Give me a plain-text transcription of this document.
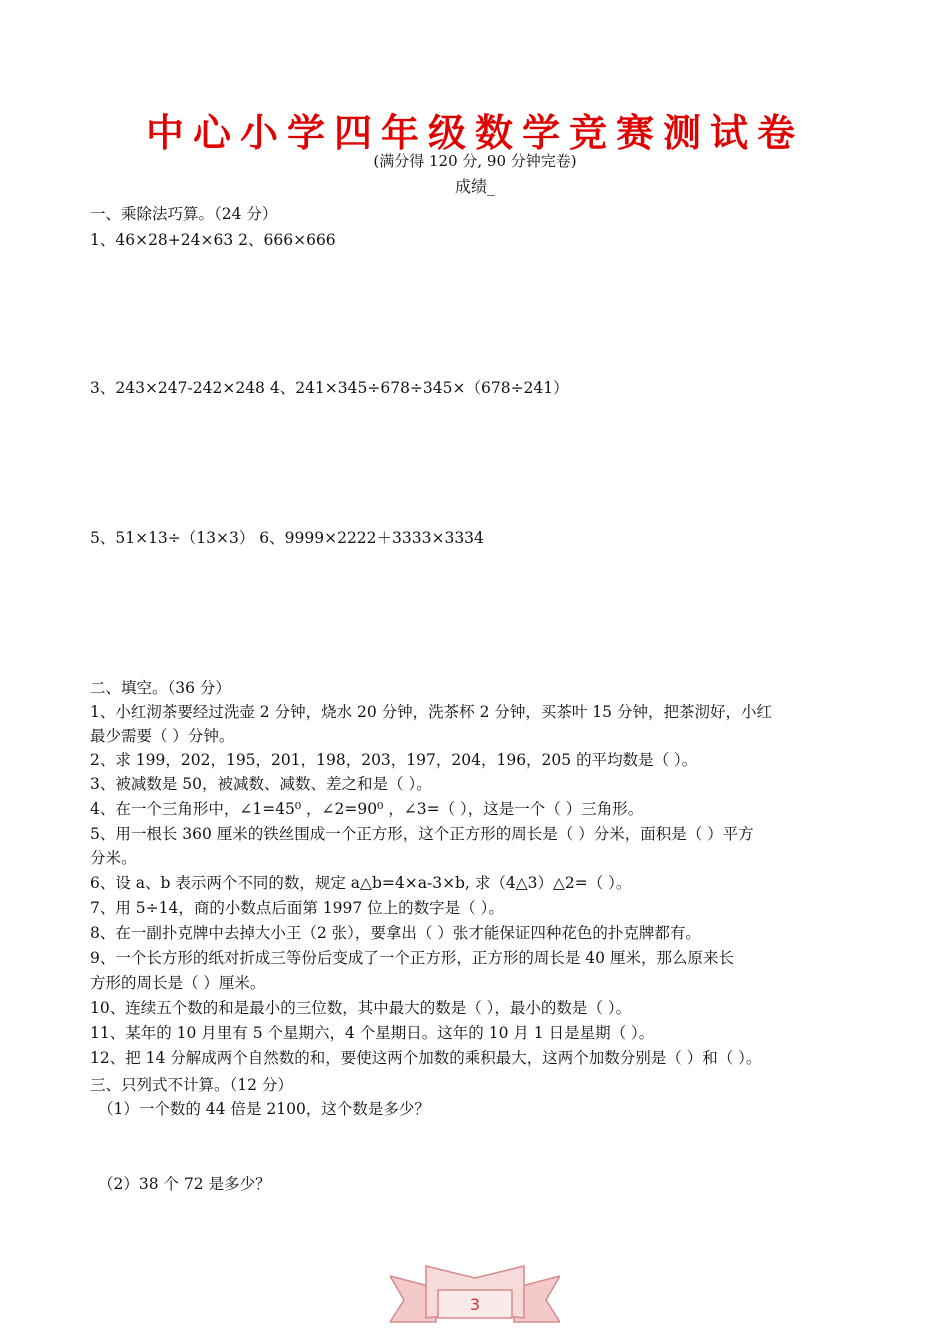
中心小学四年级数学竞赛测试卷
(满分得 120 分, 90 分钟完卷)
成绩_
一、乘除法巧算。（24 分）
1、46×28+24×63 2、666×666
3、243×247-242×248 4、241×345÷678÷345×（678÷241）
5、51×13÷（13×3） 6、9999×2222＋3333×3334
二、填空。（36 分）
1、小红沏茶要经过洗壶 2 分钟，烧水 20 分钟，洗茶杯 2 分钟，买茶叶 15 分钟，把茶沏好，小红
最少需要（ ）分钟。
2、求 199，202，195，201，198，203，197，204，196，205 的平均数是（ ）。
3、被减数是 50，被减数、减数、差之和是（ ）。
4、在一个三角形中，∠1=45⁰ ，∠2=90⁰ ，∠3=（ ），这是一个（ ）三角形。
5、用一根长 360 厘米的铁丝围成一个正方形，这个正方形的周长是（ ）分米，面积是（ ）平方
分米。
6、设 a、b 表示两个不同的数，规定 a△b=4×a-3×b, 求（4△3）△2=（ ）。
7、用 5÷14，商的小数点后面第 1997 位上的数字是（ ）。
8、在一副扑克牌中去掉大小王（2 张），要拿出（ ）张才能保证四种花色的扑克牌都有。
9、一个长方形的纸对折成三等份后变成了一个正方形，正方形的周长是 40 厘米，那么原来长
方形的周长是（ ）厘米。
10、连续五个数的和是最小的三位数，其中最大的数是（ ），最小的数是（ ）。
11、某年的 10 月里有 5 个星期六，4 个星期日。这年的 10 月 1 日是星期（ ）。
12、把 14 分解成两个自然数的和，要使这两个加数的乘积最大，这两个加数分别是（ ）和（ ）。
三、只列式不计算。（12 分）
（1）一个数的 44 倍是 2100，这个数是多少？
（2）38 个 72 是多少？
3
